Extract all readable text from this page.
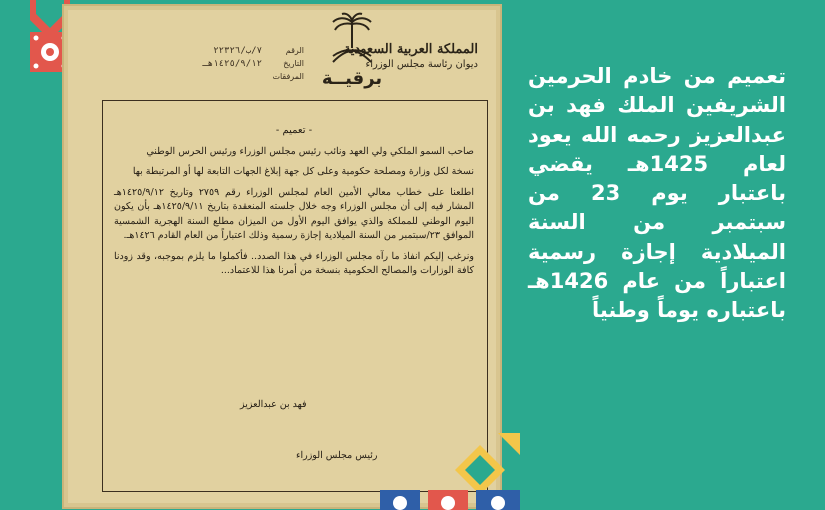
المملكة العربية السعودية
ديوان رئاسة مجلس الوزراء
برقيــة
الرقم
٧/ب/٢٢٣٢٦
التاريخ
١٤٢٥/٩/١٢هـ
المرفقات
- تعميم -

صاحب السمو الملكي ولي العهد ونائب رئيس مجلس الوزراء ورئيس الحرس الوطني

نسخة لكل وزارة ومصلحة حكومية وعلى كل جهة إبلاغ الجهات التابعة لها أو المرتبطة بها

اطلعنا على خطاب معالي الأمين العام لمجلس الوزراء رقم ٢٧٥٩ وتاريخ ١٤٢٥/٩/١٢هـ المشار فيه إلى أن مجلس الوزراء وجه خلال جلسته المنعقدة بتاريخ ١٤٢٥/٩/١١هـ بأن يكون اليوم الوطني للمملكة والذي يوافق اليوم الأول من الميزان مطلع السنة الهجرية الشمسية الموافق ٢٣/سبتمبر من السنة الميلادية إجازة رسمية وذلك اعتباراً من العام القادم ١٤٢٦هـ.

ونرغب إليكم انفاذ ما رآه مجلس الوزراء في هذا الصدد.. فأكملوا ما يلزم بموجبه، وقد زودنا كافة الوزارات والمصالح الحكومية بنسخة من أمرنا هذا للاعتماد...

فهد بن عبدالعزيز
رئيس مجلس الوزراء
تعميم من خادم الحرمين الشريفين الملك فهد بن عبدالعزيز رحمه الله يعود لعام 1425هـ يقضي باعتبار يوم 23 من سبتمبر من السنة الميلادية إجازة رسمية اعتباراً من عام 1426هـ باعتباره يوماً وطنياً
